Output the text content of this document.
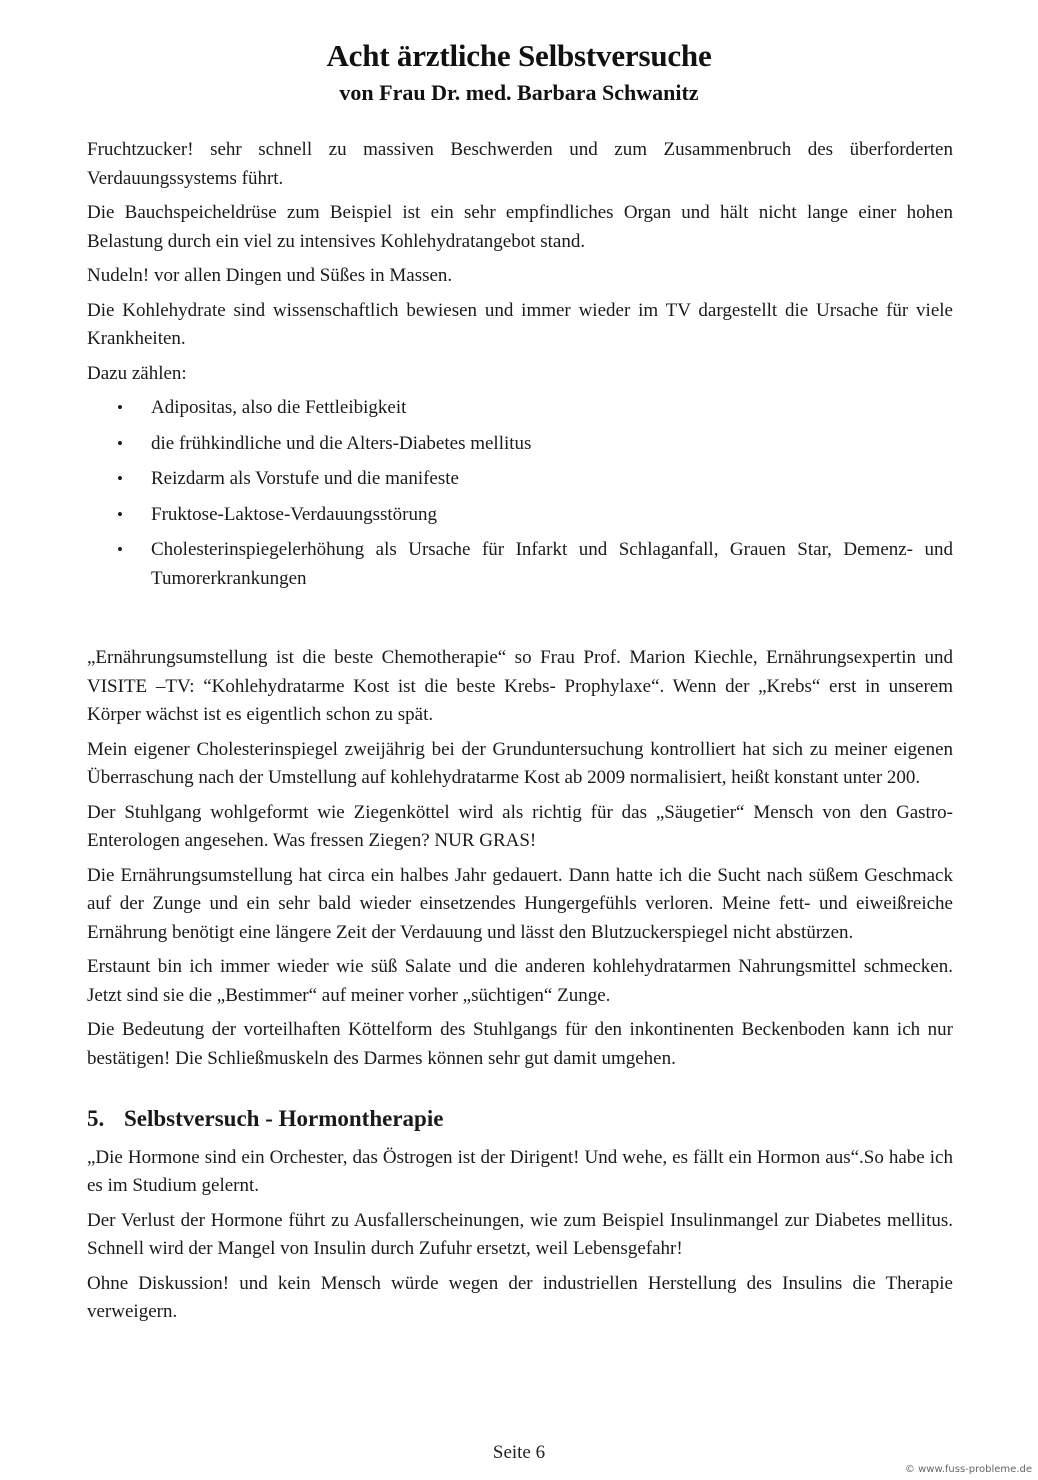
Acht ärztliche Selbstversuche
von Frau Dr. med. Barbara Schwanitz

Fruchtzucker! sehr schnell zu massiven Beschwerden und zum Zusammenbruch des überforderten Verdauungssystems führt.

Die Bauchspeicheldrüse zum Beispiel ist ein sehr empfindliches Organ und hält nicht lange einer hohen Belastung durch ein viel zu intensives Kohlehydratangebot stand.

Nudeln! vor allen Dingen und Süßes in Massen.

Die Kohlehydrate sind wissenschaftlich bewiesen und immer wieder im TV dargestellt die Ursache für viele Krankheiten.

Dazu zählen:

• Adipositas, also die Fettleibigkeit
• die frühkindliche und die Alters-Diabetes mellitus
• Reizdarm als Vorstufe und die manifeste
• Fruktose-Laktose-Verdauungsstörung
• Cholesterinspiegelerhöhung als Ursache für Infarkt und Schlaganfall, Grauen Star, Demenz- und Tumorerkrankungen

„Ernährungsumstellung ist die beste Chemotherapie“ so Frau Prof. Marion Kiechle, Ernährungsexpertin und VISITE –TV: “Kohlehydratarme Kost ist die beste Krebs- Prophylaxe“. Wenn der „Krebs“ erst in unserem Körper wächst ist es eigentlich schon zu spät.

Mein eigener Cholesterinspiegel zweijährig bei der Grunduntersuchung kontrolliert hat sich zu meiner eigenen Überraschung nach der Umstellung auf kohlehydratarme Kost ab 2009 normalisiert, heißt konstant unter 200.

Der Stuhlgang wohlgeformt wie Ziegenköttel wird als richtig für das „Säugetier“ Mensch von den Gastro- Enterologen angesehen. Was fressen Ziegen? NUR GRAS!

Die Ernährungsumstellung hat circa ein halbes Jahr gedauert. Dann hatte ich die Sucht nach süßem Geschmack auf der Zunge und ein sehr bald wieder einsetzendes Hungergefühls verloren. Meine fett- und eiweißreiche Ernährung benötigt eine längere Zeit der Verdauung und lässt den Blutzuckerspiegel nicht abstürzen.

Erstaunt bin ich immer wieder wie süß Salate und die anderen kohlehydratarmen Nahrungsmittel schmecken. Jetzt sind sie die „Bestimmer“ auf meiner vorher „süchtigen“ Zunge.

Die Bedeutung der vorteilhaften Köttelform des Stuhlgangs für den inkontinenten Beckenboden kann ich nur bestätigen! Die Schließmuskeln des Darmes können sehr gut damit umgehen.

5. Selbstversuch - Hormontherapie

„Die Hormone sind ein Orchester, das Östrogen ist der Dirigent! Und wehe, es fällt ein Hormon aus“.So habe ich es im Studium gelernt.

Der Verlust der Hormone führt zu Ausfallerscheinungen, wie zum Beispiel Insulinmangel zur Diabetes mellitus. Schnell wird der Mangel von Insulin durch Zufuhr ersetzt, weil Lebensgefahr!

Ohne Diskussion! und kein Mensch würde wegen der industriellen Herstellung des Insulins die Therapie verweigern.

Seite 6
© www.fuss-probleme.de
